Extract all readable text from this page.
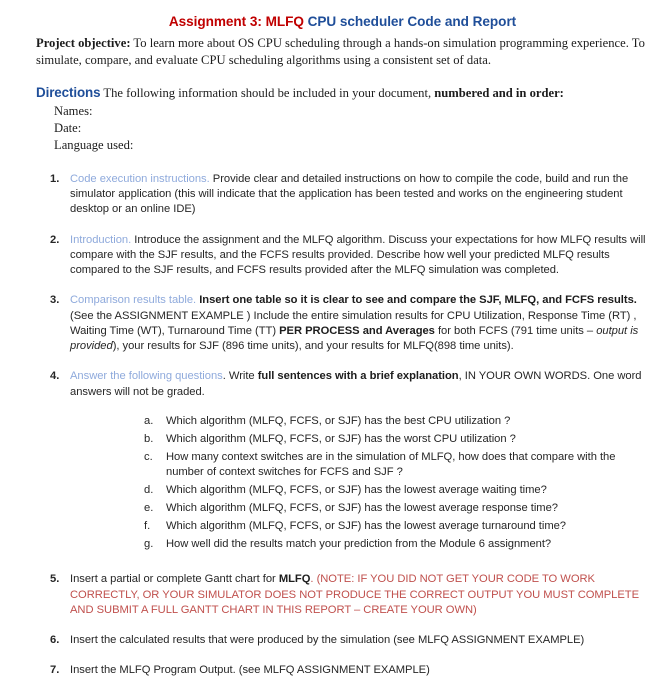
Assignment 3: MLFQ CPU scheduler Code and Report

Project objective: To learn more about OS CPU scheduling through a hands-on simulation programming experience. To simulate, compare, and evaluate CPU scheduling algorithms using a consistent set of data.

Directions The following information should be included in your document, numbered and in order:

Names:
Date:
Language used:
1. Code execution instructions. Provide clear and detailed instructions on how to compile the code, build and run the simulator application (this will indicate that the application has been tested and works on the engineering student desktop or an online IDE)
2. Introduction. Introduce the assignment and the MLFQ algorithm. Discuss your expectations for how MLFQ results will compare with the SJF results, and the FCFS results provided. Describe how well your predicted MLFQ results compared to the SJF results, and FCFS results provided after the MLFQ simulation was completed.
3. Comparison results table. Insert one table so it is clear to see and compare the SJF, MLFQ, and FCFS results. (See the ASSIGNMENT EXAMPLE ) Include the entire simulation results for CPU Utilization, Response Time (RT) , Waiting Time (WT), Turnaround Time (TT) PER PROCESS and Averages for both FCFS (791 time units – output is provided), your results for SJF (896 time units), and your results for MLFQ(898 time units).
4. Answer the following questions. Write full sentences with a brief explanation, IN YOUR OWN WORDS. One word answers will not be graded.
a. Which algorithm (MLFQ, FCFS, or SJF) has the best CPU utilization ?
b. Which algorithm (MLFQ, FCFS, or SJF) has the worst CPU utilization ?
c. How many context switches are in the simulation of MLFQ, how does that compare with the number of context switches for FCFS and SJF ?
d. Which algorithm (MLFQ, FCFS, or SJF) has the lowest average waiting time?
e. Which algorithm (MLFQ, FCFS, or SJF) has the lowest average response time?
f. Which algorithm (MLFQ, FCFS, or SJF) has the lowest average turnaround time?
g. How well did the results match your prediction from the Module 6 assignment?
5. Insert a partial or complete Gantt chart for MLFQ. (NOTE: IF YOU DID NOT GET YOUR CODE TO WORK CORRECTLY, OR YOUR SIMULATOR DOES NOT PRODUCE THE CORRECT OUTPUT YOU MUST COMPLETE AND SUBMIT A FULL GANTT CHART IN THIS REPORT – CREATE YOUR OWN)
6. Insert the calculated results that were produced by the simulation (see MLFQ ASSIGNMENT EXAMPLE)
7. Insert the MLFQ Program Output. (see MLFQ ASSIGNMENT EXAMPLE)
